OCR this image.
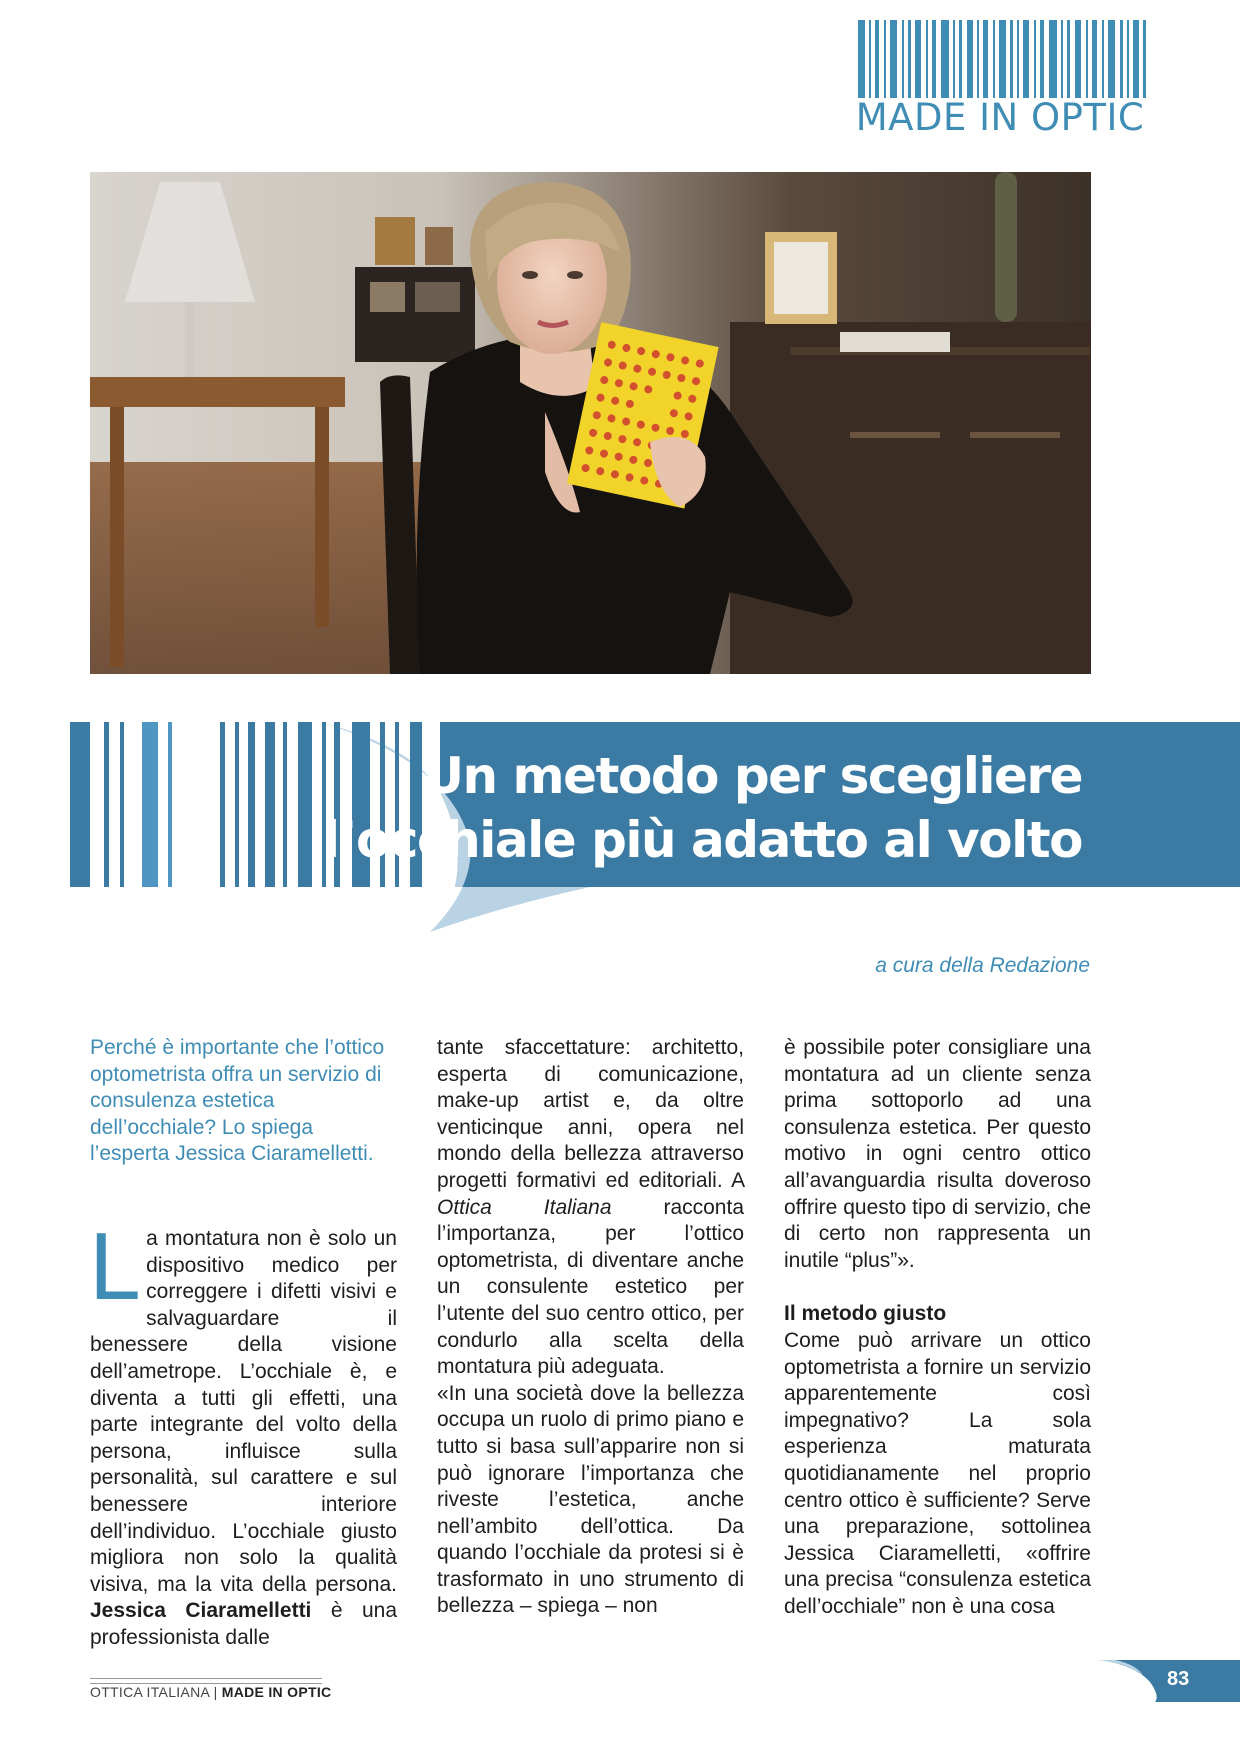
MADE IN OPTIC
Un metodo per scegliere
l’occhiale più adatto al volto
a cura della Redazione

Perché è importante che l’ottico optometrista offra un servizio di consulenza estetica dell’occhiale? Lo spiega l’esperta Jessica Ciaramelletti.

La montatura non è solo un dispositivo medico per correggere i difetti visivi e salvaguardare il benessere della visione dell’ametrope. L’occhiale è, e diventa a tutti gli effetti, una parte integrante del volto della persona, influisce sulla personalità, sul carattere e sul benessere interiore dell’individuo. L’occhiale giusto migliora non solo la qualità visiva, ma la vita della persona. Jessica Ciaramelletti è una professionista dalle

tante sfaccettature: architetto, esperta di comunicazione, make-up artist e, da oltre venticinque anni, opera nel mondo della bellezza attraverso progetti formativi ed editoriali. A Ottica Italiana racconta l’importanza, per l’ottico optometrista, di diventare anche un consulente estetico per l’utente del suo centro ottico, per condurlo alla scelta della montatura più adeguata.

«In una società dove la bellezza occupa un ruolo di primo piano e tutto si basa sull’apparire non si può ignorare l’importanza che riveste l’estetica, anche nell’ambito dell’ottica. Da quando l’occhiale da protesi si è trasformato in uno strumento di bellezza – spiega – non

è possibile poter consigliare una montatura ad un cliente senza prima sottoporlo ad una consulenza estetica. Per questo motivo in ogni centro ottico all’avanguardia risulta doveroso offrire questo tipo di servizio, che di certo non rappresenta un inutile “plus”».

Il metodo giusto

Come può arrivare un ottico optometrista a fornire un servizio apparentemente così impegnativo? La sola esperienza maturata quotidianamente nel proprio centro ottico è sufficiente? Serve una preparazione, sottolinea Jessica Ciaramelletti, «offrire una precisa “consulenza estetica dell’occhiale” non è una cosa

OTTICA ITALIANA | MADE IN OPTIC
83
